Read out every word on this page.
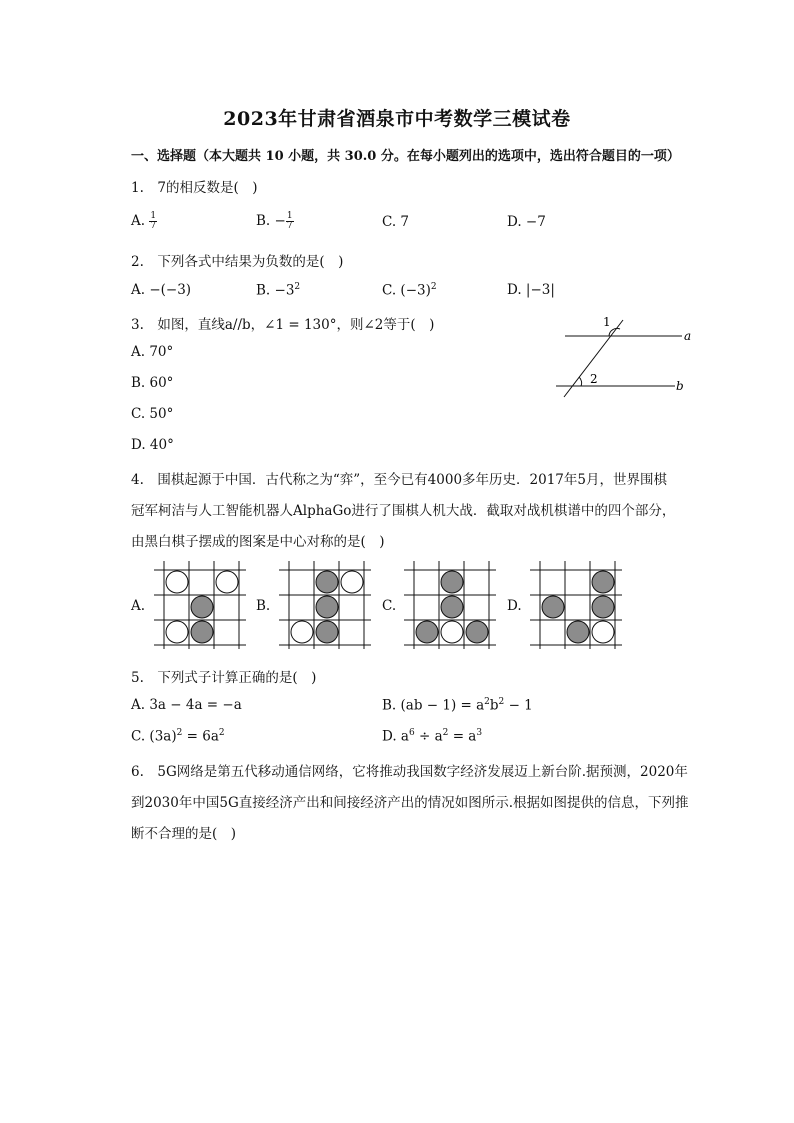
2023年甘肃省酒泉市中考数学三模试卷
一、选择题（本大题共 10 小题，共 30.0 分。在每小题列出的选项中，选出符合题目的一项）
1.　7的相反数是(　)
A. $\frac{1}{7}$	B. − $\frac{1}{7}$	C. 7	D. −7
2.　下列各式中结果为负数的是(　)
A. −(−3)	B. $-3^2$	C. $(-3)^2$	D. |−3|
3.　如图，直线a//b，∠1 = 130°，则∠2等于(　)
A. 70°
B. 60°
C. 50°
D. 40°
1
2
a
b
4.　围棋起源于中国．古代称之为“弈”，至今已有4000多年历史．2017年5月，世界围棋
冠军柯洁与人工智能机器人AlphaGo进行了围棋人机大战．截取对战机棋谱中的四个部分，
由黑白棋子摆成的图案是中心对称的是(　)
A.	B.	C.	D.
5.　下列式子计算正确的是(　)
A. 3a − 4a = −a	B. $(ab - 1) = a^2b^2 - 1$
C. $(3a)^2 = 6a^2$	D. $a^6 \div a^2 = a^3$
6.　5G网络是第五代移动通信网络，它将推动我国数字经济发展迈上新台阶.据预测，2020年
到2030年中国5G直接经济产出和间接经济产出的情况如图所示.根据如图提供的信息，下列推
断不合理的是(　)
